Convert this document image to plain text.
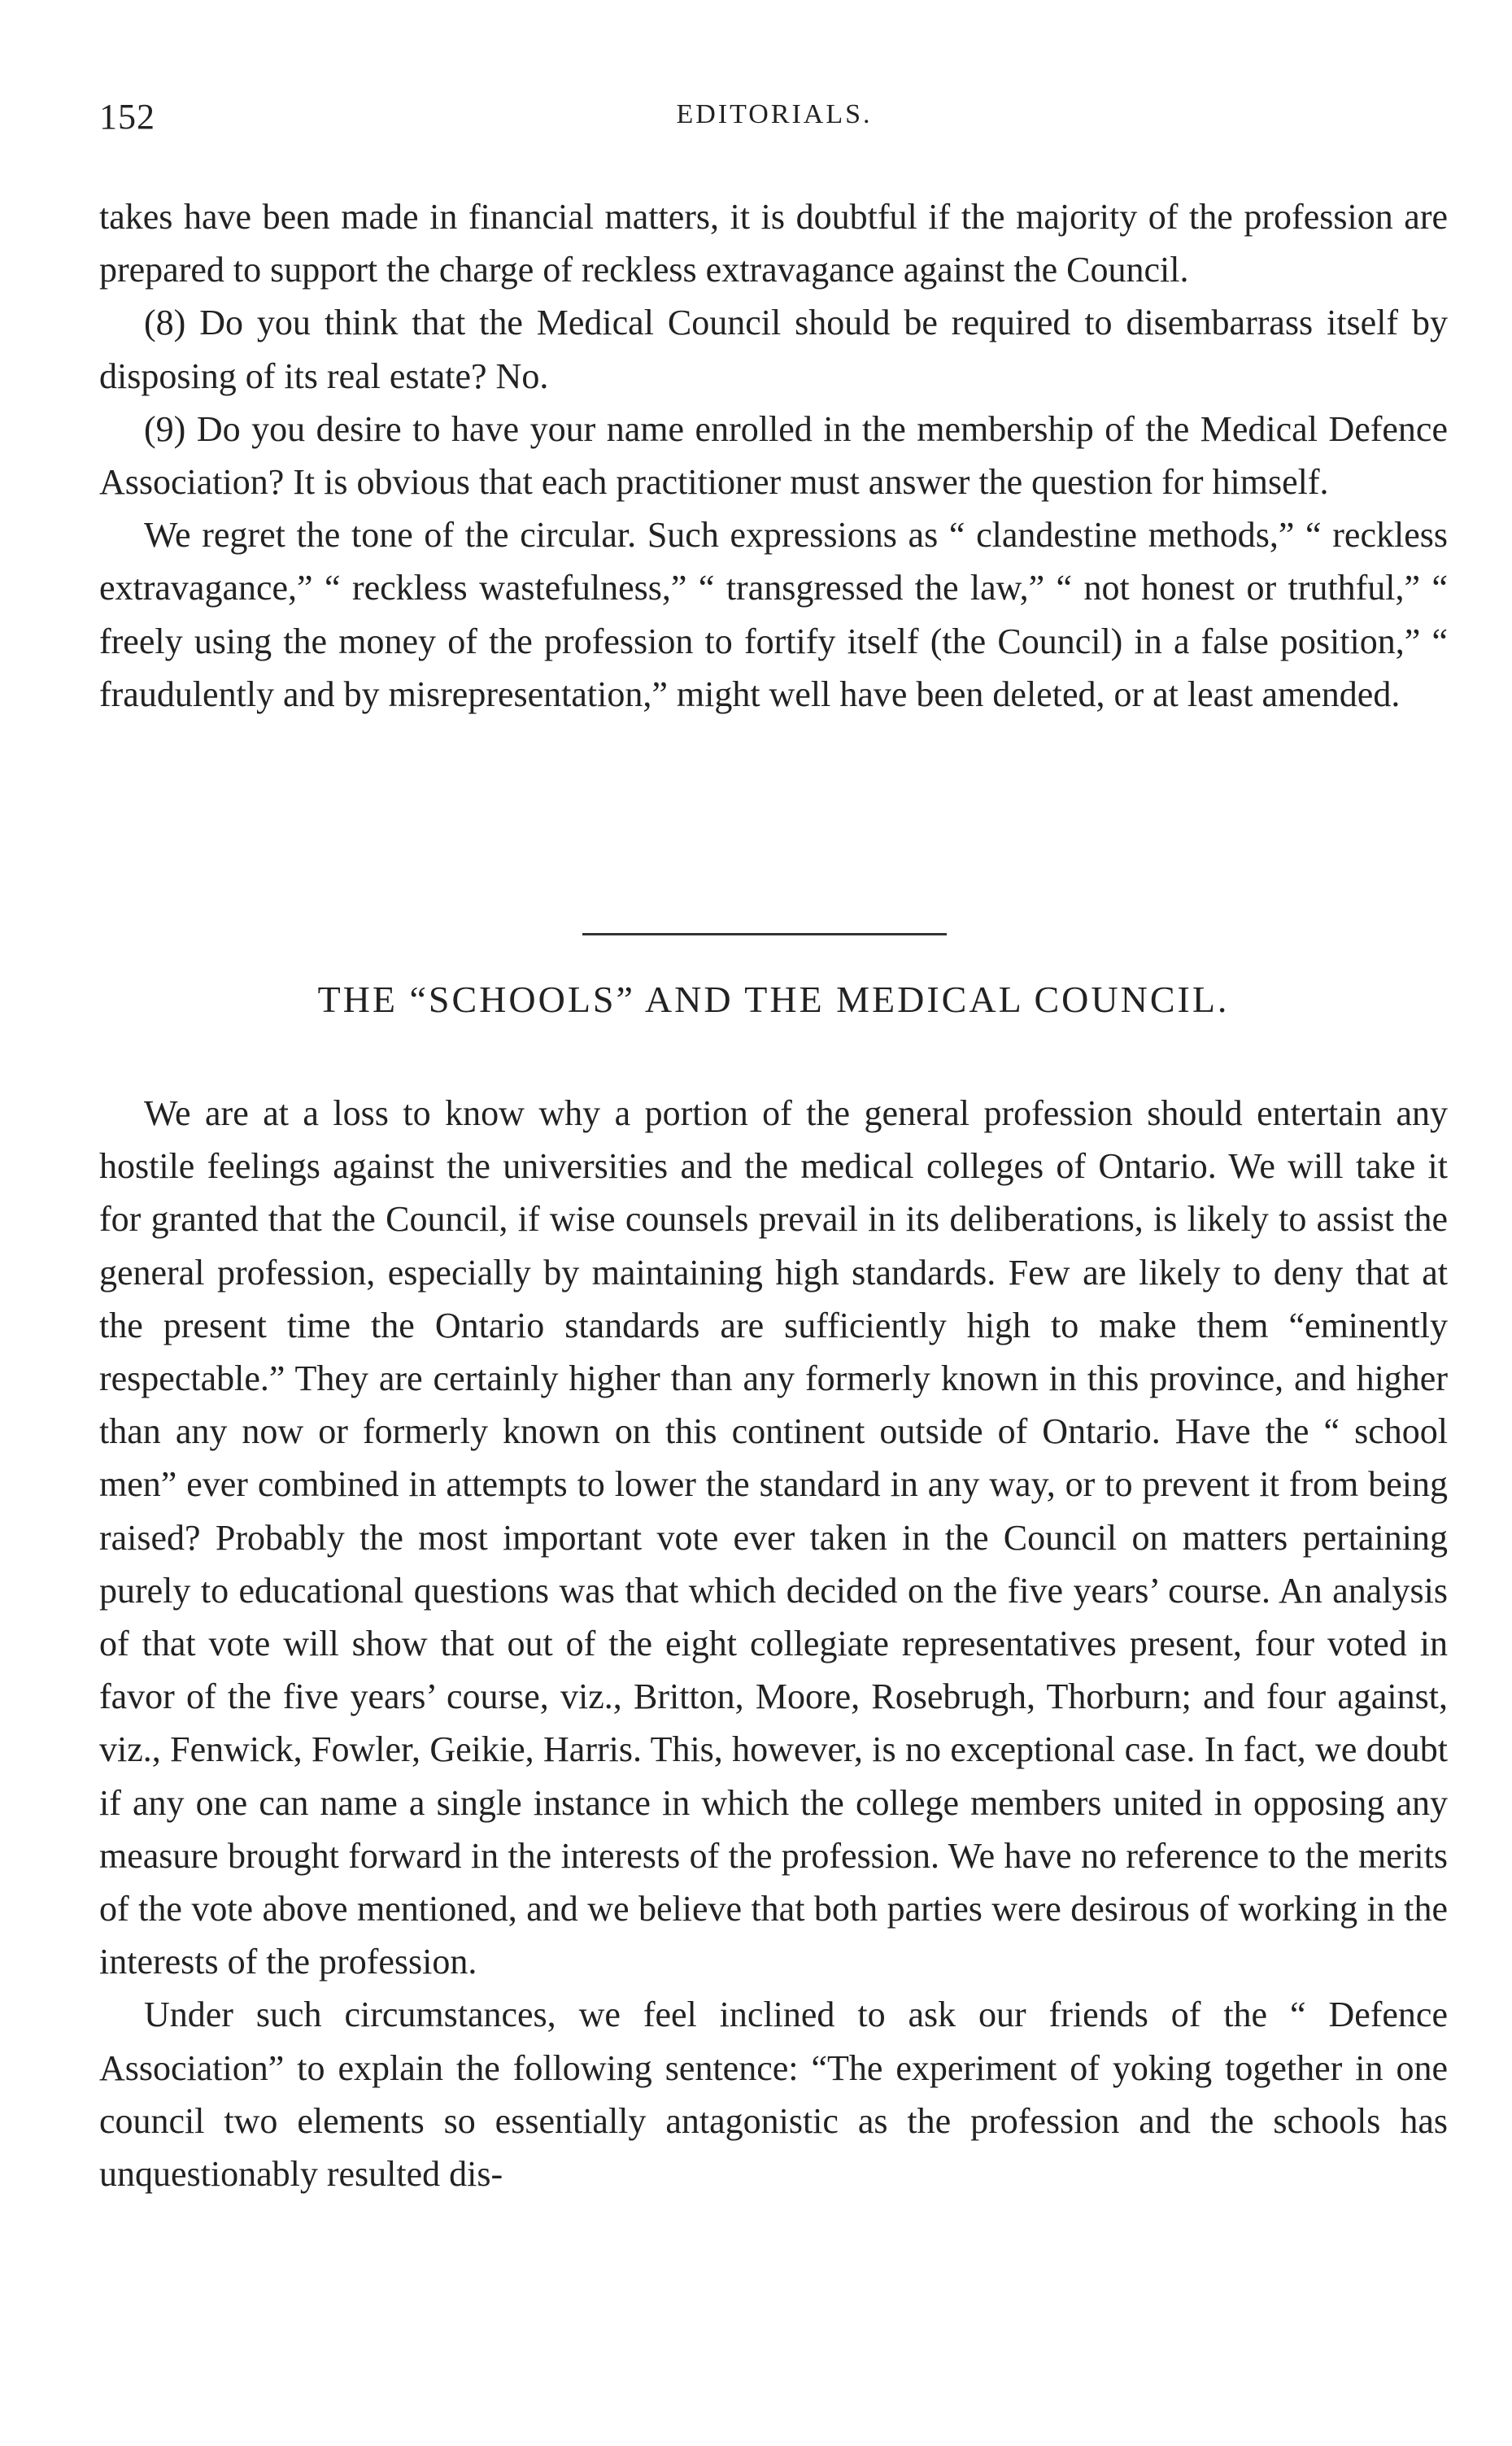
152	EDITORIALS.

takes have been made in financial matters, it is doubtful if the majority of the profession are prepared to support the charge of reckless extravagance against the Council.

(8) Do you think that the Medical Council should be required to disembarrass itself by disposing of its real estate? No.

(9) Do you desire to have your name enrolled in the membership of the Medical Defence Association? It is obvious that each practitioner must answer the question for himself.

We regret the tone of the circular. Such expressions as “ clandestine methods,” “ reckless extravagance,” “ reckless wastefulness,” “ transgressed the law,” “ not honest or truthful,” “ freely using the money of the profession to fortify itself (the Council) in a false position,” “ fraudulently and by misrepresentation,” might well have been deleted, or at least amended.

THE “SCHOOLS” AND THE MEDICAL COUNCIL.

We are at a loss to know why a portion of the general profession should entertain any hostile feelings against the universities and the medical colleges of Ontario. We will take it for granted that the Council, if wise counsels prevail in its deliberations, is likely to assist the general profession, especially by maintaining high standards. Few are likely to deny that at the present time the Ontario standards are sufficiently high to make them “eminently respectable.” They are certainly higher than any formerly known in this province, and higher than any now or formerly known on this continent outside of Ontario. Have the “ school men” ever combined in attempts to lower the standard in any way, or to prevent it from being raised? Probably the most important vote ever taken in the Council on matters pertaining purely to educational questions was that which decided on the five years’ course. An analysis of that vote will show that out of the eight collegiate representatives present, four voted in favor of the five years’ course, viz., Britton, Moore, Rosebrugh, Thorburn; and four against, viz., Fenwick, Fowler, Geikie, Harris. This, however, is no exceptional case. In fact, we doubt if any one can name a single instance in which the college members united in opposing any measure brought forward in the interests of the profession. We have no reference to the merits of the vote above mentioned, and we believe that both parties were desirous of working in the interests of the profession.

Under such circumstances, we feel inclined to ask our friends of the “ Defence Association” to explain the following sentence: “The experiment of yoking together in one council two elements so essentially antagonistic as the profession and the schools has unquestionably resulted dis-
